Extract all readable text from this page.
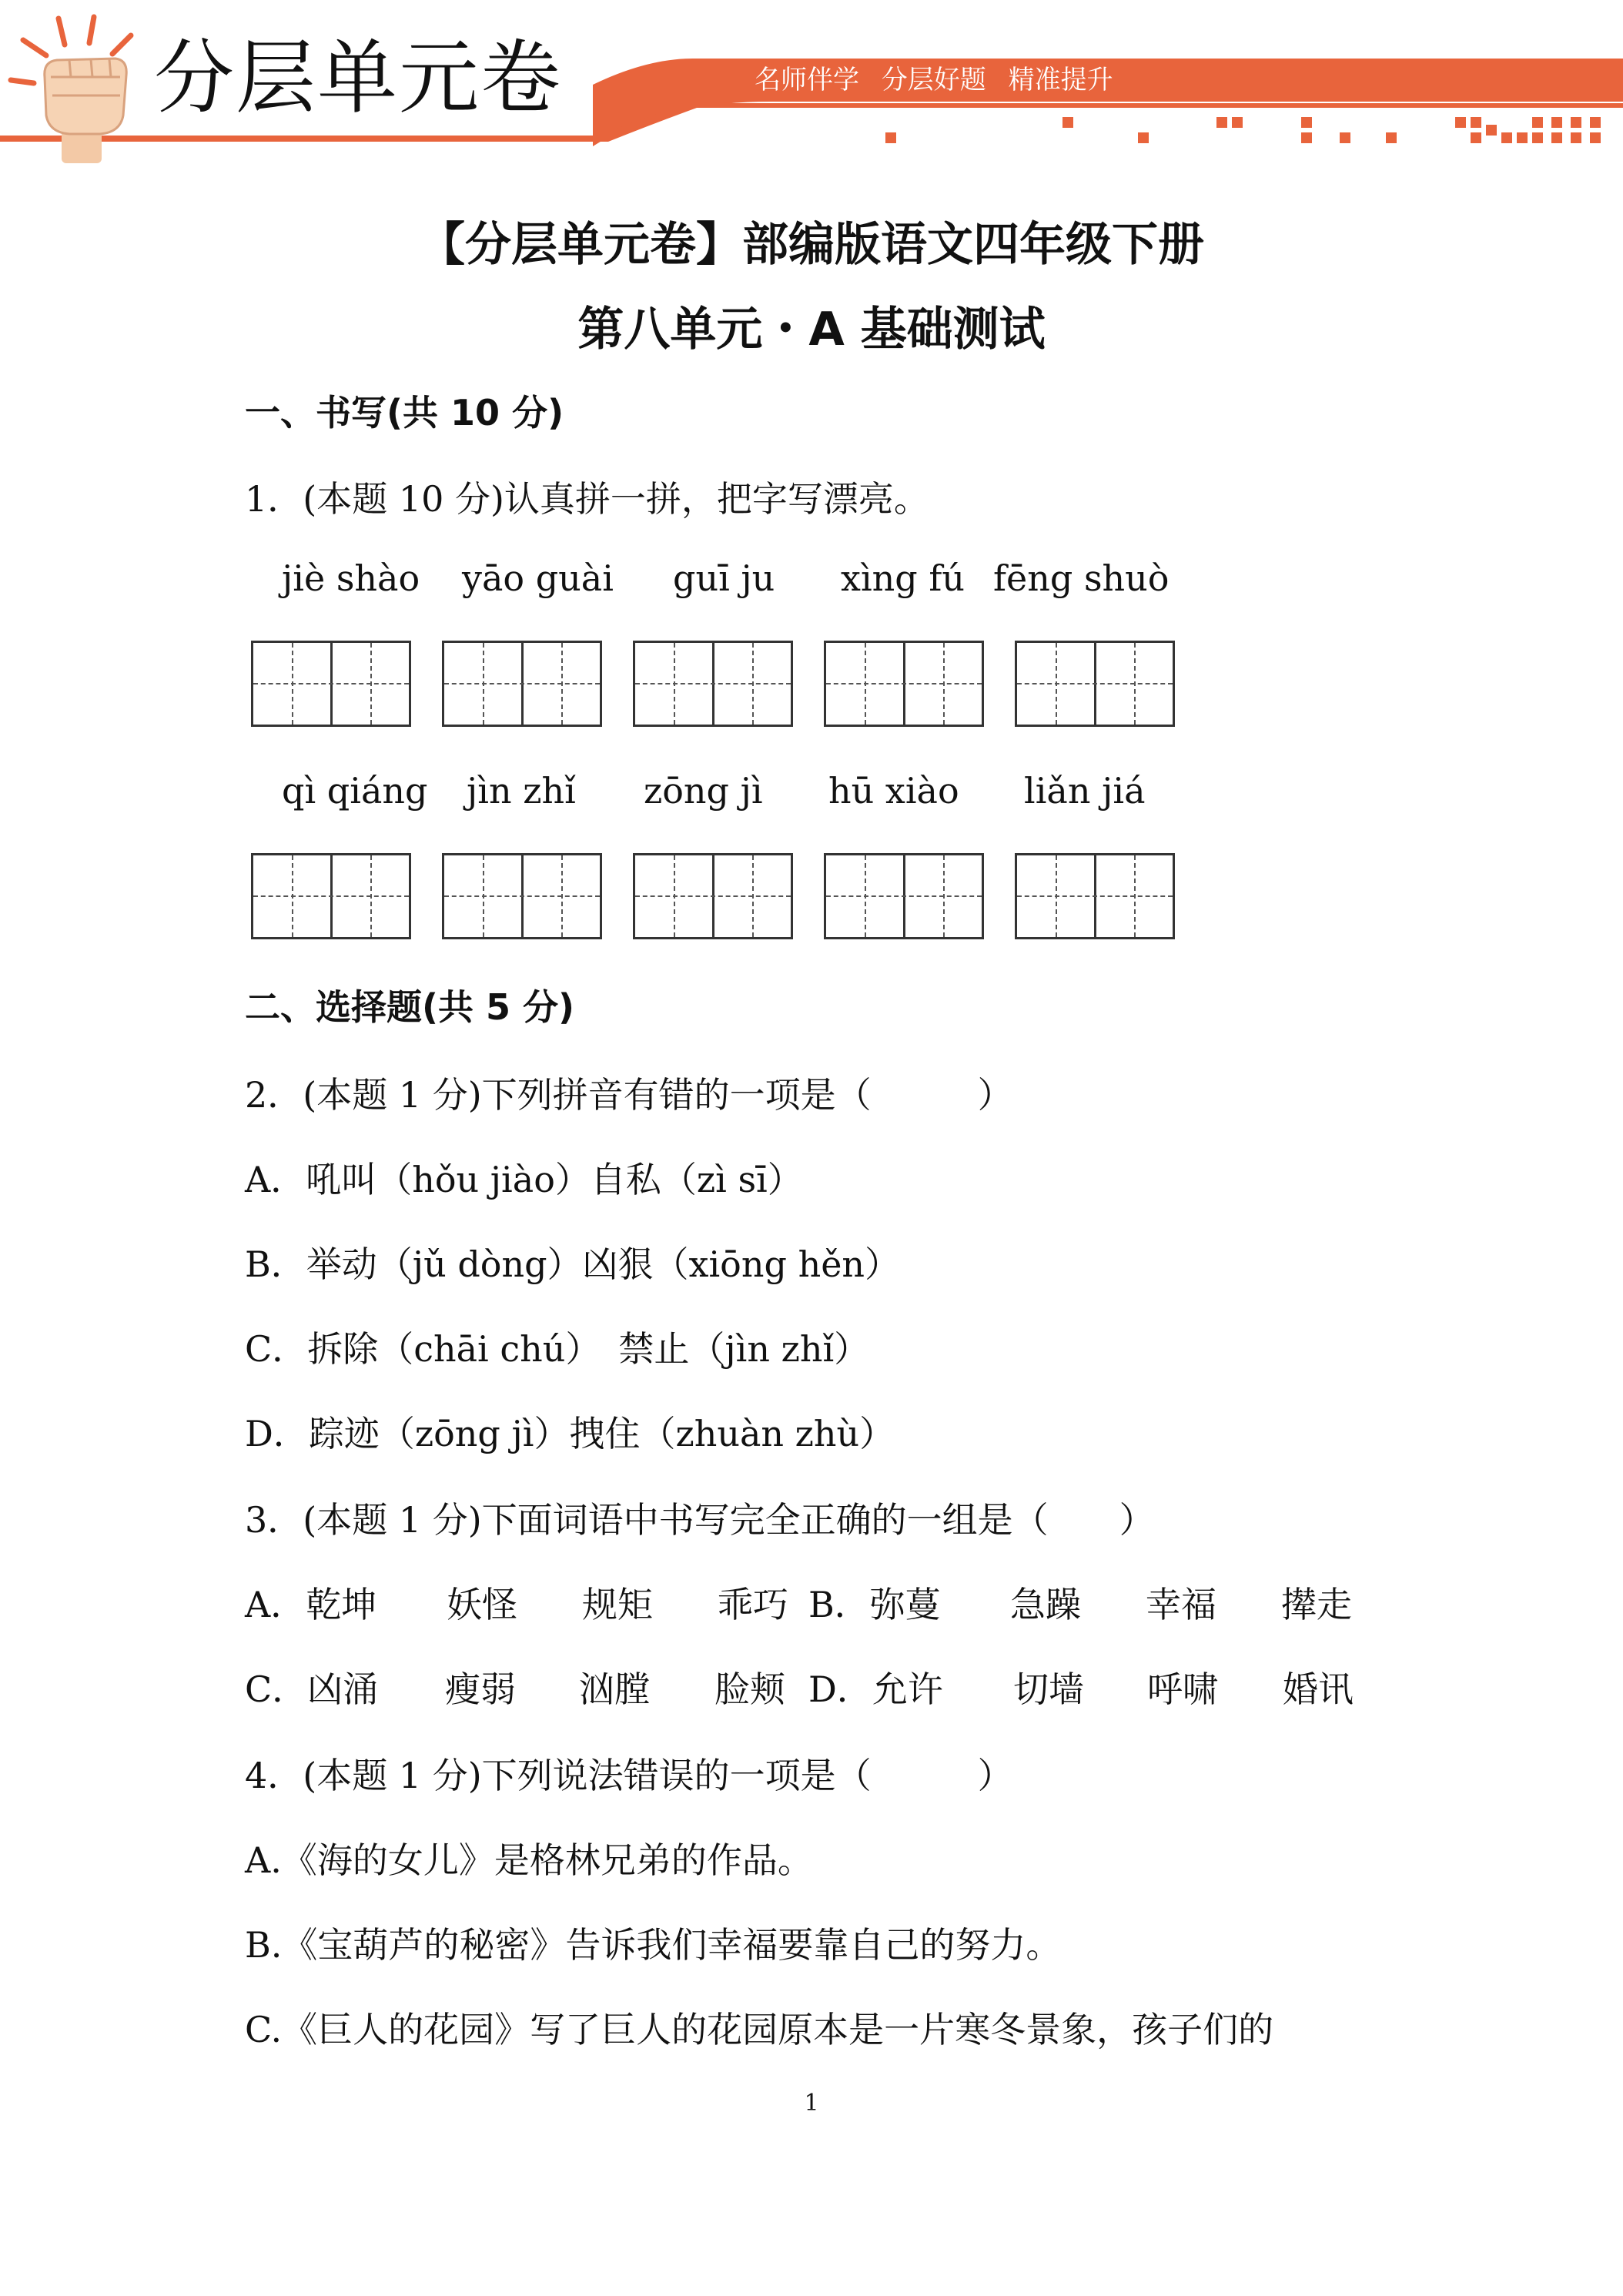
分层单元卷	名师伴学 分层好题 精准提升
【分层单元卷】部编版语文四年级下册
第八单元・A 基础测试
一、书写(共 10 分)
1．(本题 10 分)认真拼一拼，把字写漂亮。
jiè shào yāo guài guī ju xìng fú fēng shuò
qì qiáng jìn zhǐ zōng jì hū xiào liǎn jiá
二、选择题(共 5 分)
2．(本题 1 分)下列拼音有错的一项是（　　　）
A．吼叫（hǒu jiào）自私（zì sī）
B．举动（jǔ dòng）凶狠（xiōng hěn）
C．拆除（chāi chú）　禁止（jìn zhǐ）
D．踪迹（zōng jì）拽住（zhuàn zhù）
3．(本题 1 分)下面词语中书写完全正确的一组是（　　）
A．乾坤 妖怪 规矩 乖巧 B．弥蔓 急躁 幸福 撵走
C．凶涌 瘦弱 汹膛 脸颊 D．允许 切墙 呼啸 婚讯
4．(本题 1 分)下列说法错误的一项是（　　　）
A.《海的女儿》是格林兄弟的作品。
B.《宝葫芦的秘密》告诉我们幸福要靠自己的努力。
C.《巨人的花园》写了巨人的花园原本是一片寒冬景象，孩子们的
1
